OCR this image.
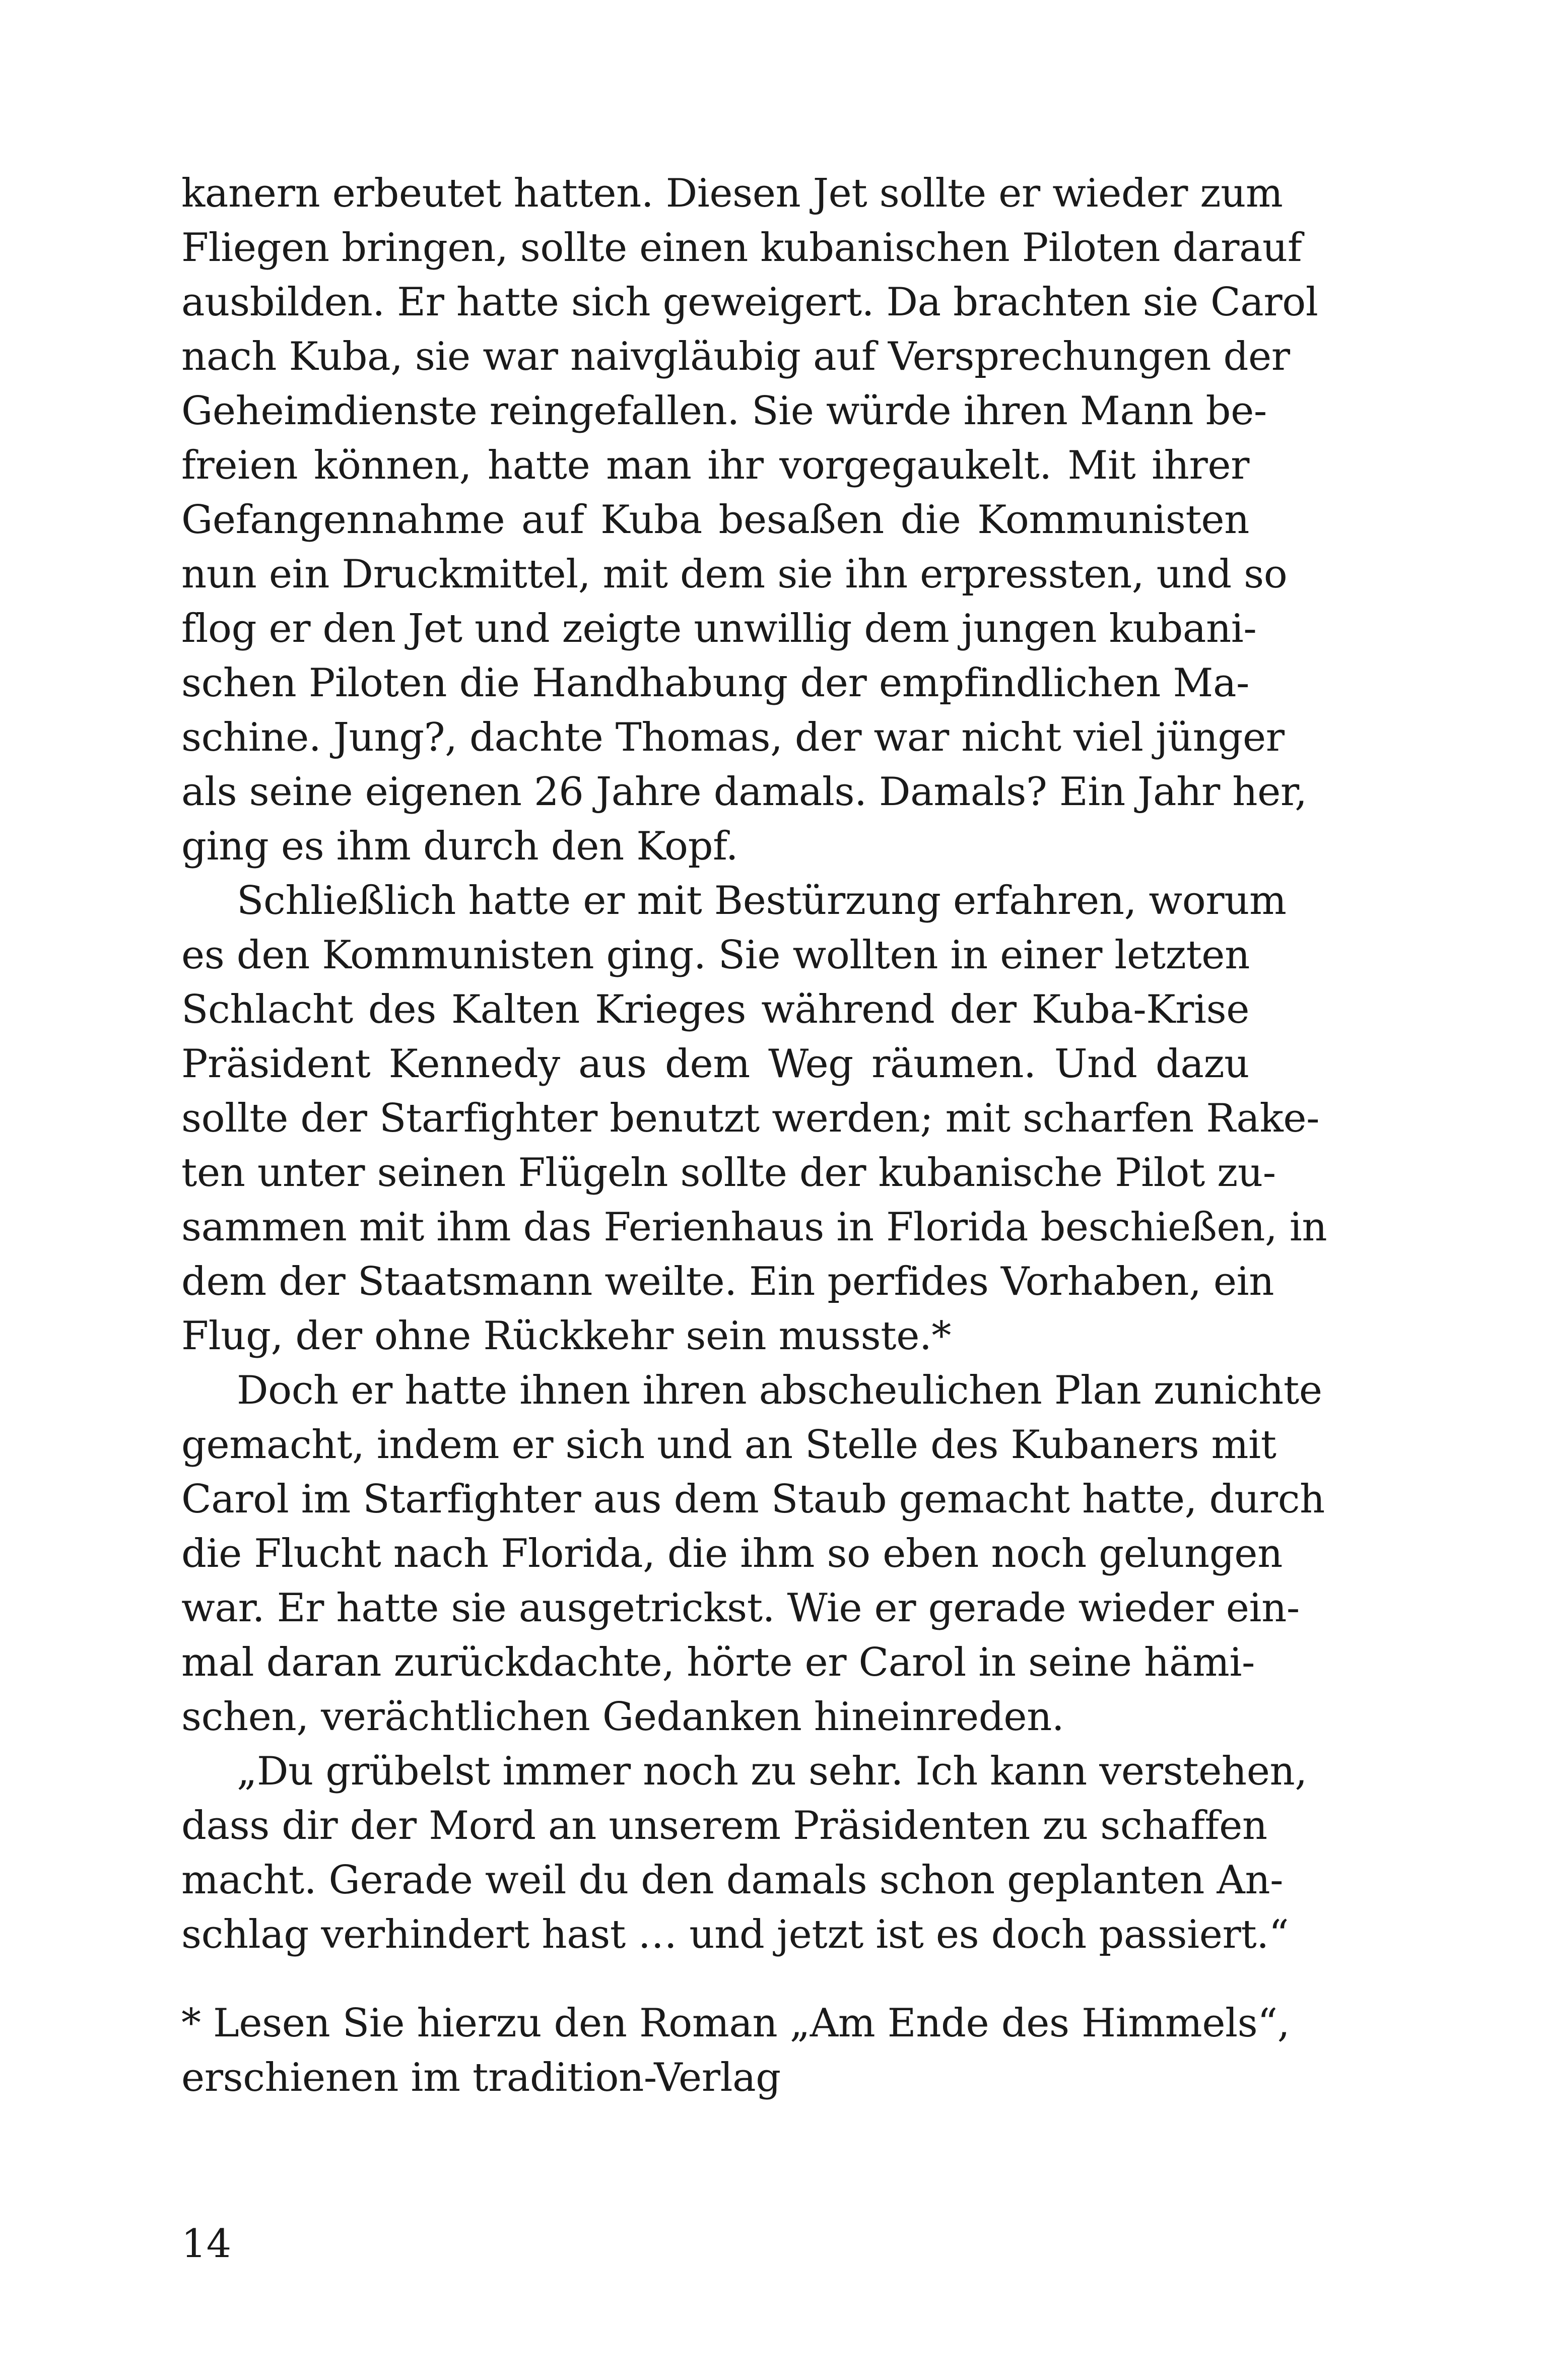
kanern erbeutet hatten. Diesen Jet sollte er wieder zum
Fliegen bringen, sollte einen kubanischen Piloten darauf
ausbilden. Er hatte sich geweigert. Da brachten sie Carol
nach Kuba, sie war naivgläubig auf Versprechungen der
Geheimdienste reingefallen. Sie würde ihren Mann be-
freien können, hatte man ihr vorgegaukelt. Mit ihrer
Gefangennahme auf Kuba besaßen die Kommunisten
nun ein Druckmittel, mit dem sie ihn erpressten, und so
flog er den Jet und zeigte unwillig dem jungen kubani-
schen Piloten die Handhabung der empfindlichen Ma-
schine. Jung?, dachte Thomas, der war nicht viel jünger
als seine eigenen 26 Jahre damals. Damals? Ein Jahr her,
ging es ihm durch den Kopf.
Schließlich hatte er mit Bestürzung erfahren, worum
es den Kommunisten ging. Sie wollten in einer letzten
Schlacht des Kalten Krieges während der Kuba-Krise
Präsident Kennedy aus dem Weg räumen. Und dazu
sollte der Starfighter benutzt werden; mit scharfen Rake-
ten unter seinen Flügeln sollte der kubanische Pilot zu-
sammen mit ihm das Ferienhaus in Florida beschießen, in
dem der Staatsmann weilte. Ein perfides Vorhaben, ein
Flug, der ohne Rückkehr sein musste.*
Doch er hatte ihnen ihren abscheulichen Plan zunichte
gemacht, indem er sich und an Stelle des Kubaners mit
Carol im Starfighter aus dem Staub gemacht hatte, durch
die Flucht nach Florida, die ihm so eben noch gelungen
war. Er hatte sie ausgetrickst. Wie er gerade wieder ein-
mal daran zurückdachte, hörte er Carol in seine hämi-
schen, verächtlichen Gedanken hineinreden.
„Du grübelst immer noch zu sehr. Ich kann verstehen,
dass dir der Mord an unserem Präsidenten zu schaffen
macht. Gerade weil du den damals schon geplanten An-
schlag verhindert hast … und jetzt ist es doch passiert.“
* Lesen Sie hierzu den Roman „Am Ende des Himmels“,
erschienen im tradition-Verlag
14
